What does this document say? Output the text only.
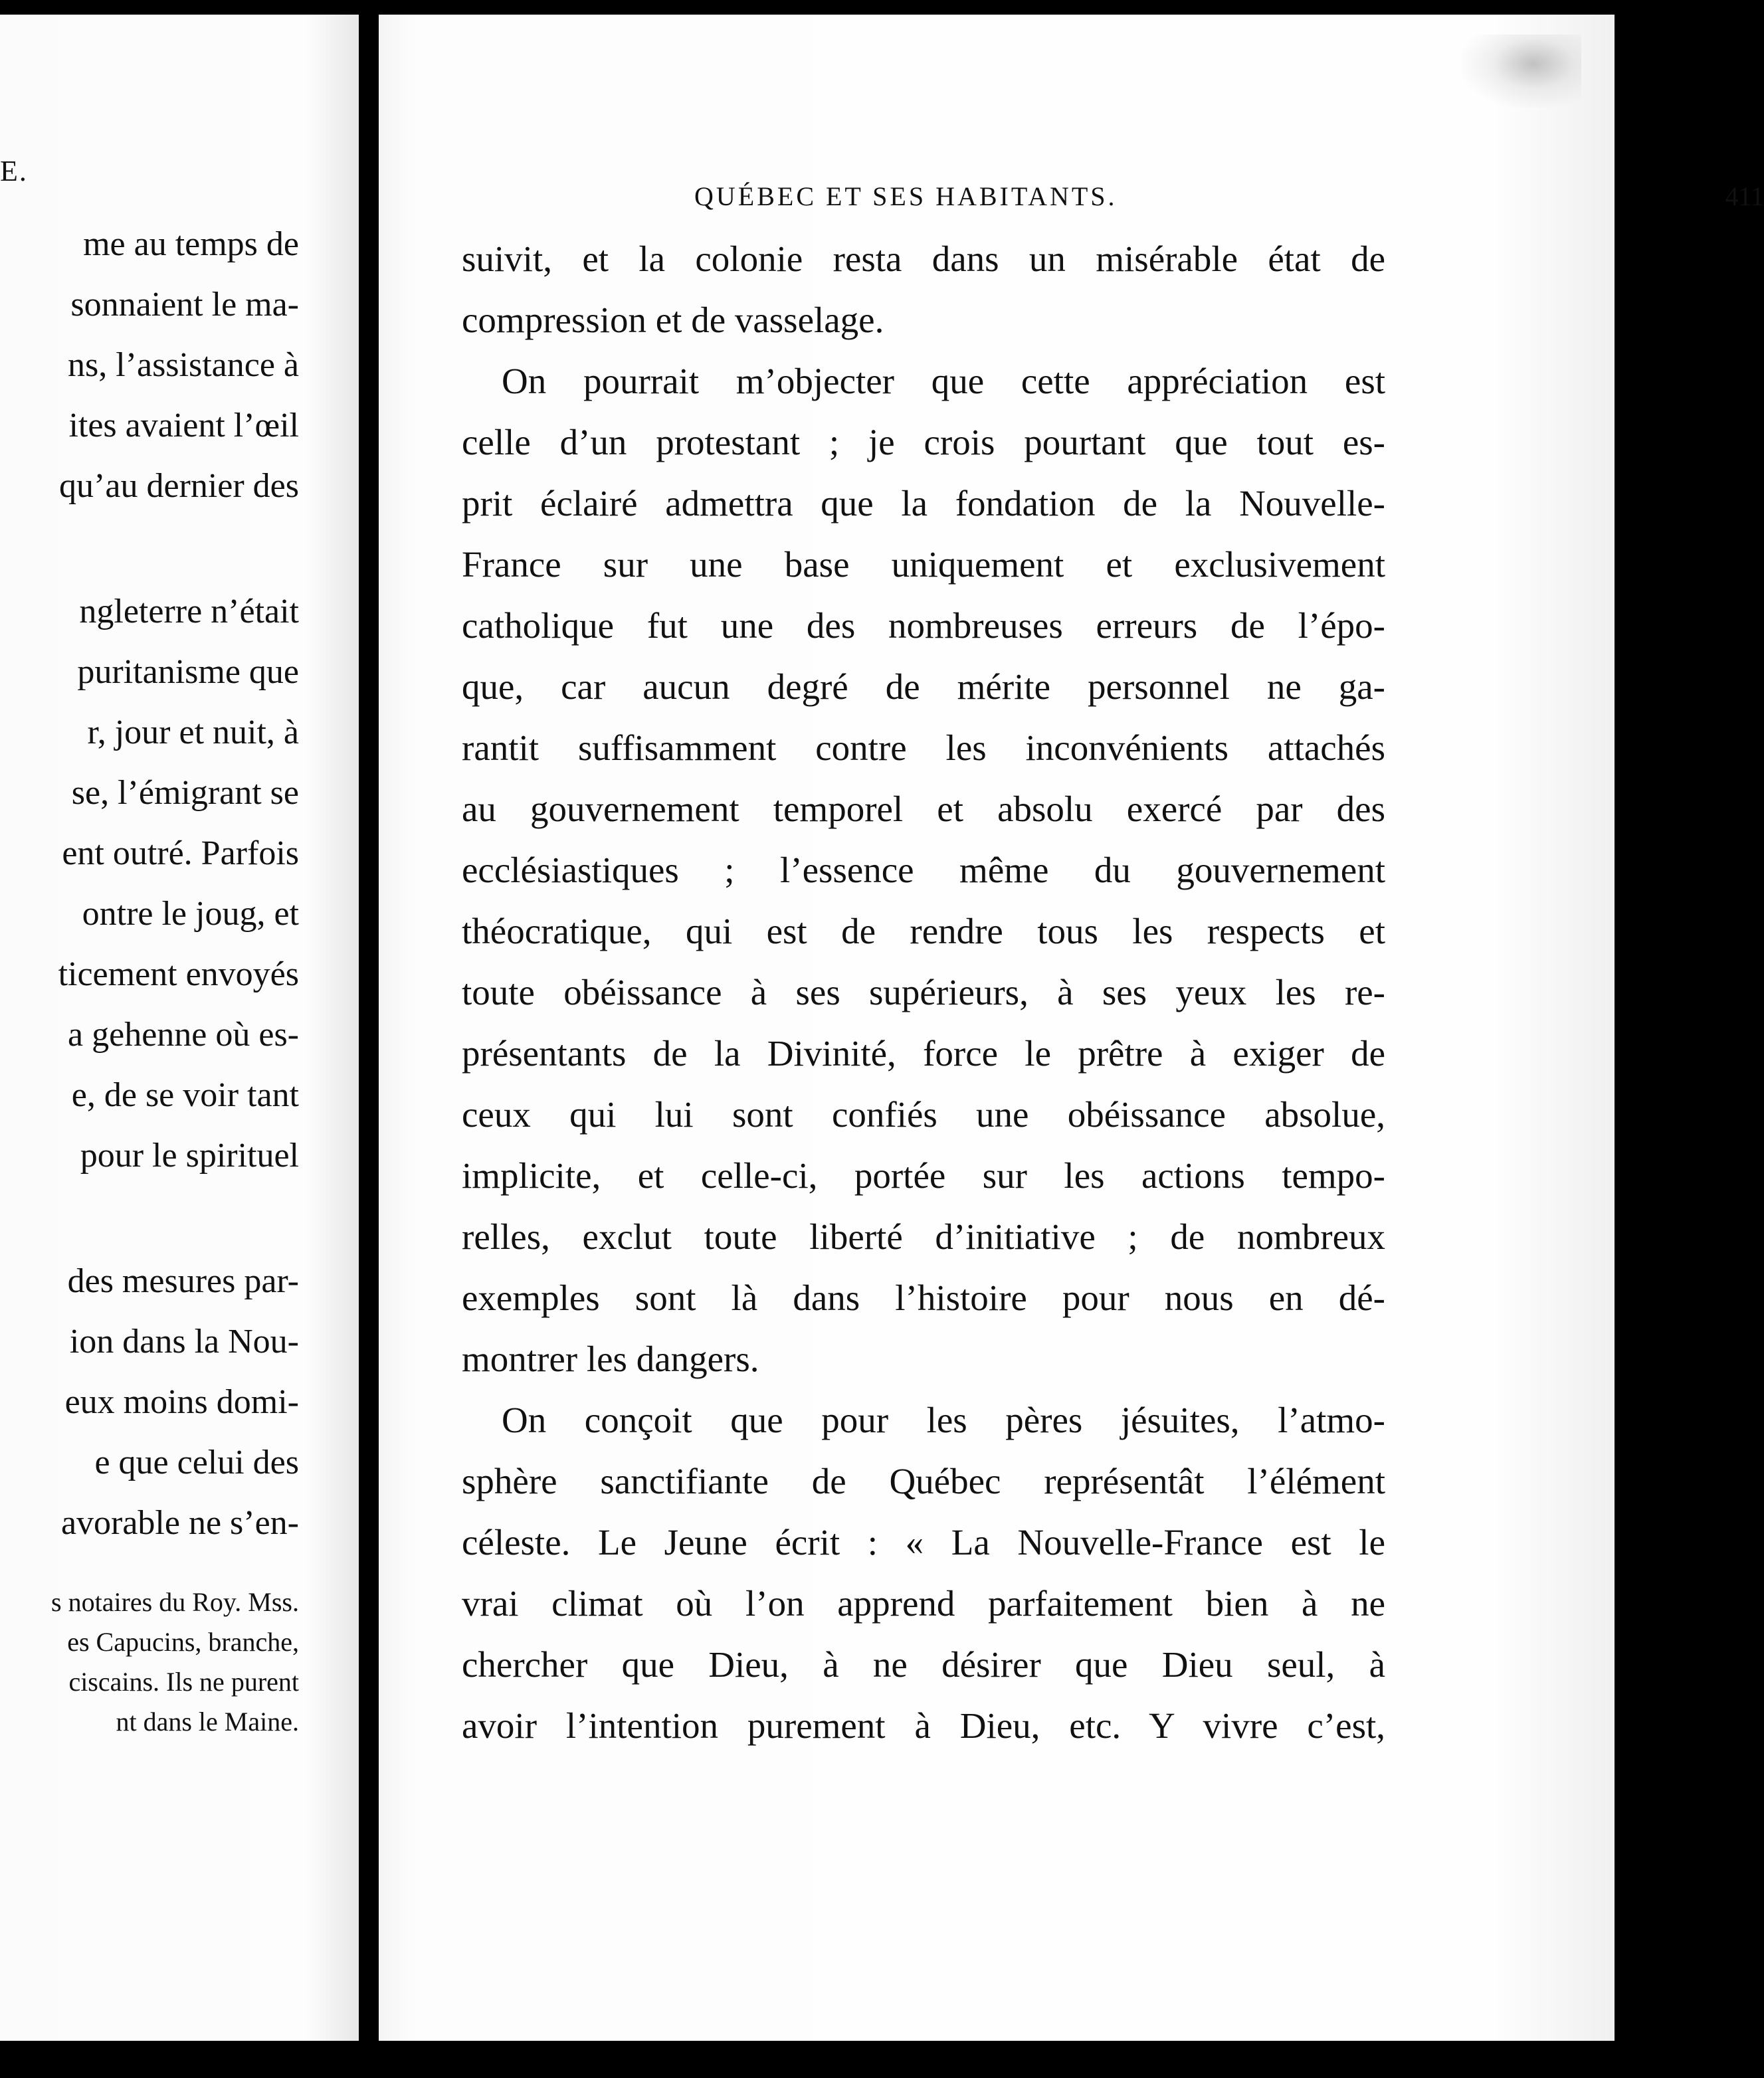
E.
me au temps de
sonnaient le ma-
ns, l’assistance à
ites avaient l’œil
qu’au dernier des
ngleterre n’était
puritanisme que
r, jour et nuit, à
se, l’émigrant se
ent outré. Parfois
ontre le joug, et
ticement envoyés
a gehenne où es-
e, de se voir tant
pour le spirituel
des mesures par-
ion dans la Nou-
eux moins domi-
e que celui des
avorable ne s’en-
s notaires du Roy. Mss.
es Capucins, branche,
ciscains. Ils ne purent
nt dans le Maine.
QUÉBEC ET SES HABITANTS.	411
suivit, et la colonie resta dans un misérable état de
compression et de vasselage.
On pourrait m’objecter que cette appréciation est
celle d’un protestant ; je crois pourtant que tout es-
prit éclairé admettra que la fondation de la Nouvelle-
France sur une base uniquement et exclusivement
catholique fut une des nombreuses erreurs de l’épo-
que, car aucun degré de mérite personnel ne ga-
rantit suffisamment contre les inconvénients attachés
au gouvernement temporel et absolu exercé par des
ecclésiastiques ; l’essence même du gouvernement
théocratique, qui est de rendre tous les respects et
toute obéissance à ses supérieurs, à ses yeux les re-
présentants de la Divinité, force le prêtre à exiger de
ceux qui lui sont confiés une obéissance absolue,
implicite, et celle-ci, portée sur les actions tempo-
relles, exclut toute liberté d’initiative ; de nombreux
exemples sont là dans l’histoire pour nous en dé-
montrer les dangers.
On conçoit que pour les pères jésuites, l’atmo-
sphère sanctifiante de Québec représentât l’élément
céleste. Le Jeune écrit : « La Nouvelle-France est le
vrai climat où l’on apprend parfaitement bien à ne
chercher que Dieu, à ne désirer que Dieu seul, à
avoir l’intention purement à Dieu, etc. Y vivre c’est,
